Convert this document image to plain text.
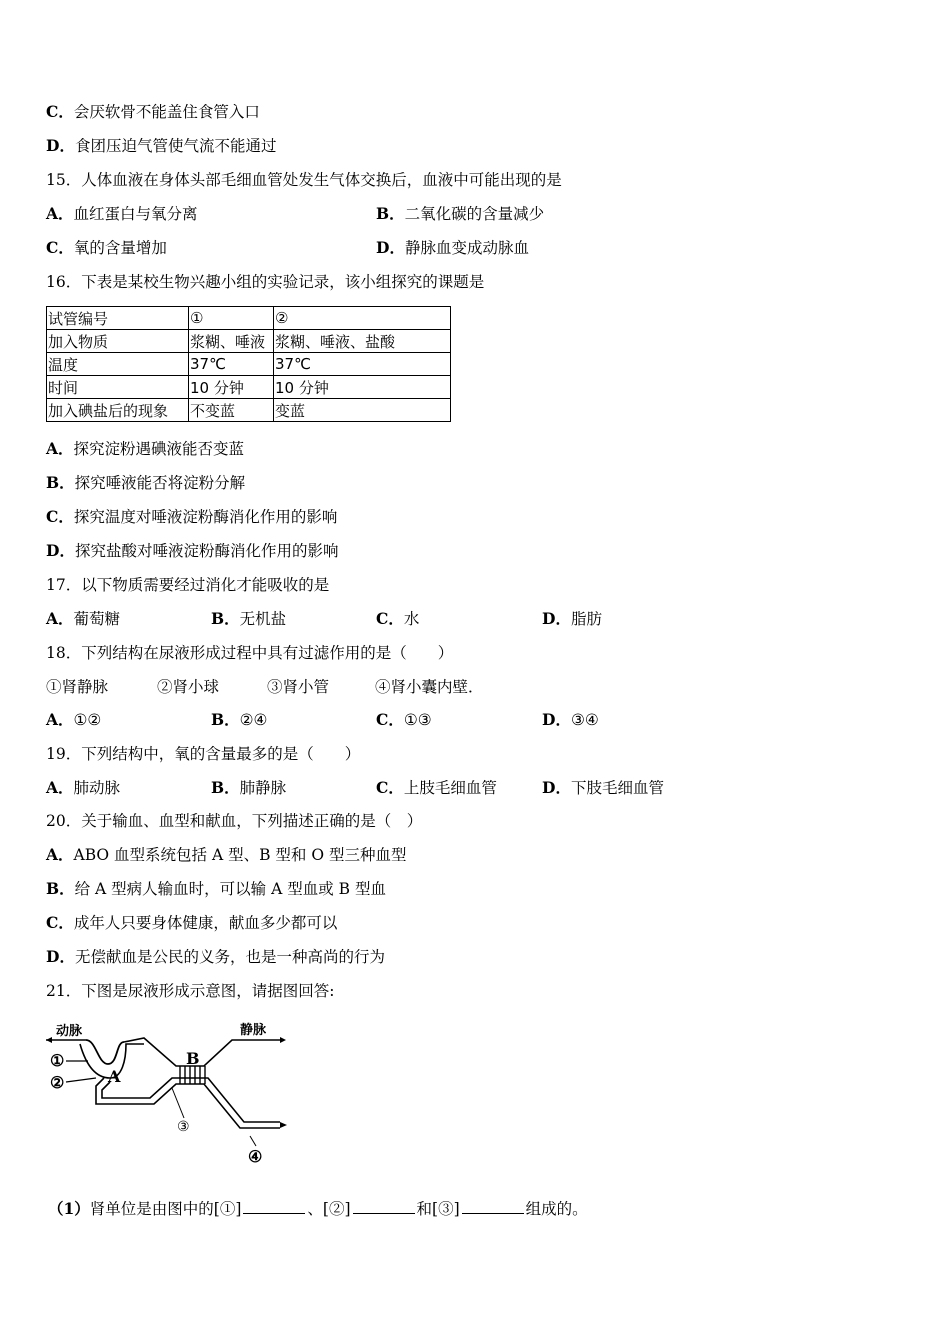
C．会厌软骨不能盖住食管入口
D．食团压迫气管使气流不能通过
15．人体血液在身体头部毛细血管处发生气体交换后，血液中可能出现的是
A．血红蛋白与氧分离	B．二氧化碳的含量减少
C．氧的含量增加	D．静脉血变成动脉血
16．下表是某校生物兴趣小组的实验记录，该小组探究的课题是
试管编号	①	②
加入物质	浆糊、唾液	浆糊、唾液、盐酸
温度	37℃	37℃
时间	10 分钟	10 分钟
加入碘盐后的现象	不变蓝	变蓝
A．探究淀粉遇碘液能否变蓝
B．探究唾液能否将淀粉分解
C．探究温度对唾液淀粉酶消化作用的影响
D．探究盐酸对唾液淀粉酶消化作用的影响
17．以下物质需要经过消化才能吸收的是
A．葡萄糖	B．无机盐	C．水	D．脂肪
18．下列结构在尿液形成过程中具有过滤作用的是（　　）
①肾静脉	②肾小球	③肾小管	④肾小囊内壁．
A．①②	B．②④	C．①③	D．③④
19．下列结构中，氧的含量最多的是（　　）
A．肺动脉	B．肺静脉	C．上肢毛细血管	D．下肢毛细血管
20．关于输血、血型和献血，下列描述正确的是（　）
A．ABO 血型系统包括 A 型、B 型和 O 型三种血型
B．给 A 型病人输血时，可以输 A 型血或 B 型血
C．成年人只要身体健康，献血多少都可以
D．无偿献血是公民的义务，也是一种高尚的行为
21．下图是尿液形成示意图，请据图回答:
动脉	静脉
B
A
①
②
③
④
（1）肾单位是由图中的[①]	、[②]	和[③]	组成的。
